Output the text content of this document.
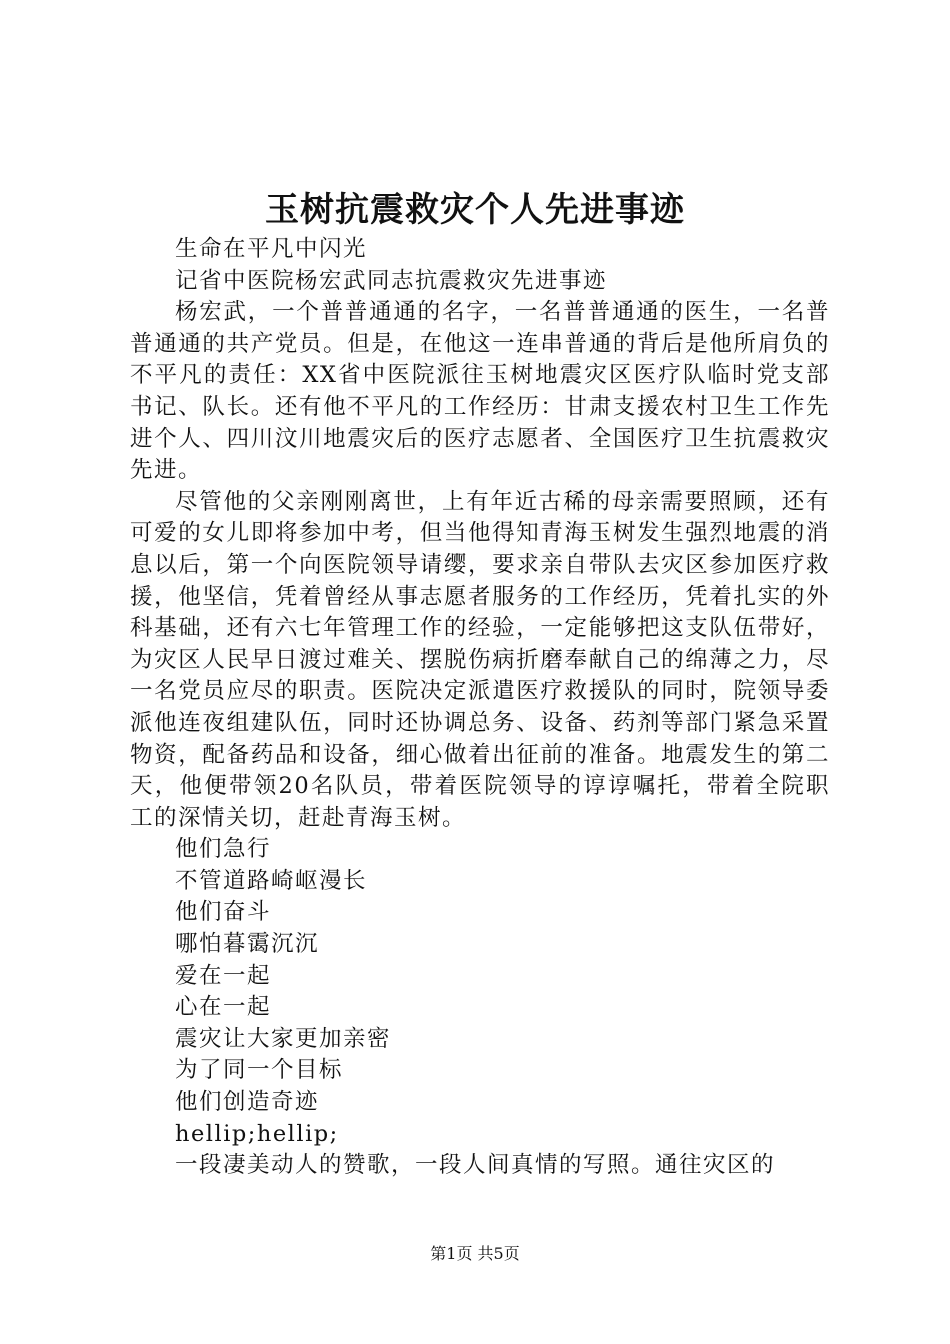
玉树抗震救灾个人先进事迹
生命在平凡中闪光
记省中医院杨宏武同志抗震救灾先进事迹

杨宏武，一个普普通通的名字，一名普普通通的医生，一名普普通通的共产党员。但是，在他这一连串普通的背后是他所肩负的不平凡的责任：XX省中医院派往玉树地震灾区医疗队临时党支部书记、队长。还有他不平凡的工作经历：甘肃支援农村卫生工作先进个人、四川汶川地震灾后的医疗志愿者、全国医疗卫生抗震救灾先进。

尽管他的父亲刚刚离世，上有年近古稀的母亲需要照顾，还有可爱的女儿即将参加中考，但当他得知青海玉树发生强烈地震的消息以后，第一个向医院领导请缨，要求亲自带队去灾区参加医疗救援，他坚信，凭着曾经从事志愿者服务的工作经历，凭着扎实的外科基础，还有六七年管理工作的经验，一定能够把这支队伍带好，为灾区人民早日渡过难关、摆脱伤病折磨奉献自己的绵薄之力，尽一名党员应尽的职责。医院决定派遣医疗救援队的同时，院领导委派他连夜组建队伍，同时还协调总务、设备、药剂等部门紧急采置物资，配备药品和设备，细心做着出征前的准备。地震发生的第二天，他便带领20名队员，带着医院领导的谆谆嘱托，带着全院职工的深情关切，赶赴青海玉树。

他们急行
不管道路崎岖漫长
他们奋斗
哪怕暮霭沉沉
爱在一起
心在一起
震灾让大家更加亲密
为了同一个目标
他们创造奇迹
hellip;hellip;

一段凄美动人的赞歌，一段人间真情的写照。通往灾区的

第1页 共5页
